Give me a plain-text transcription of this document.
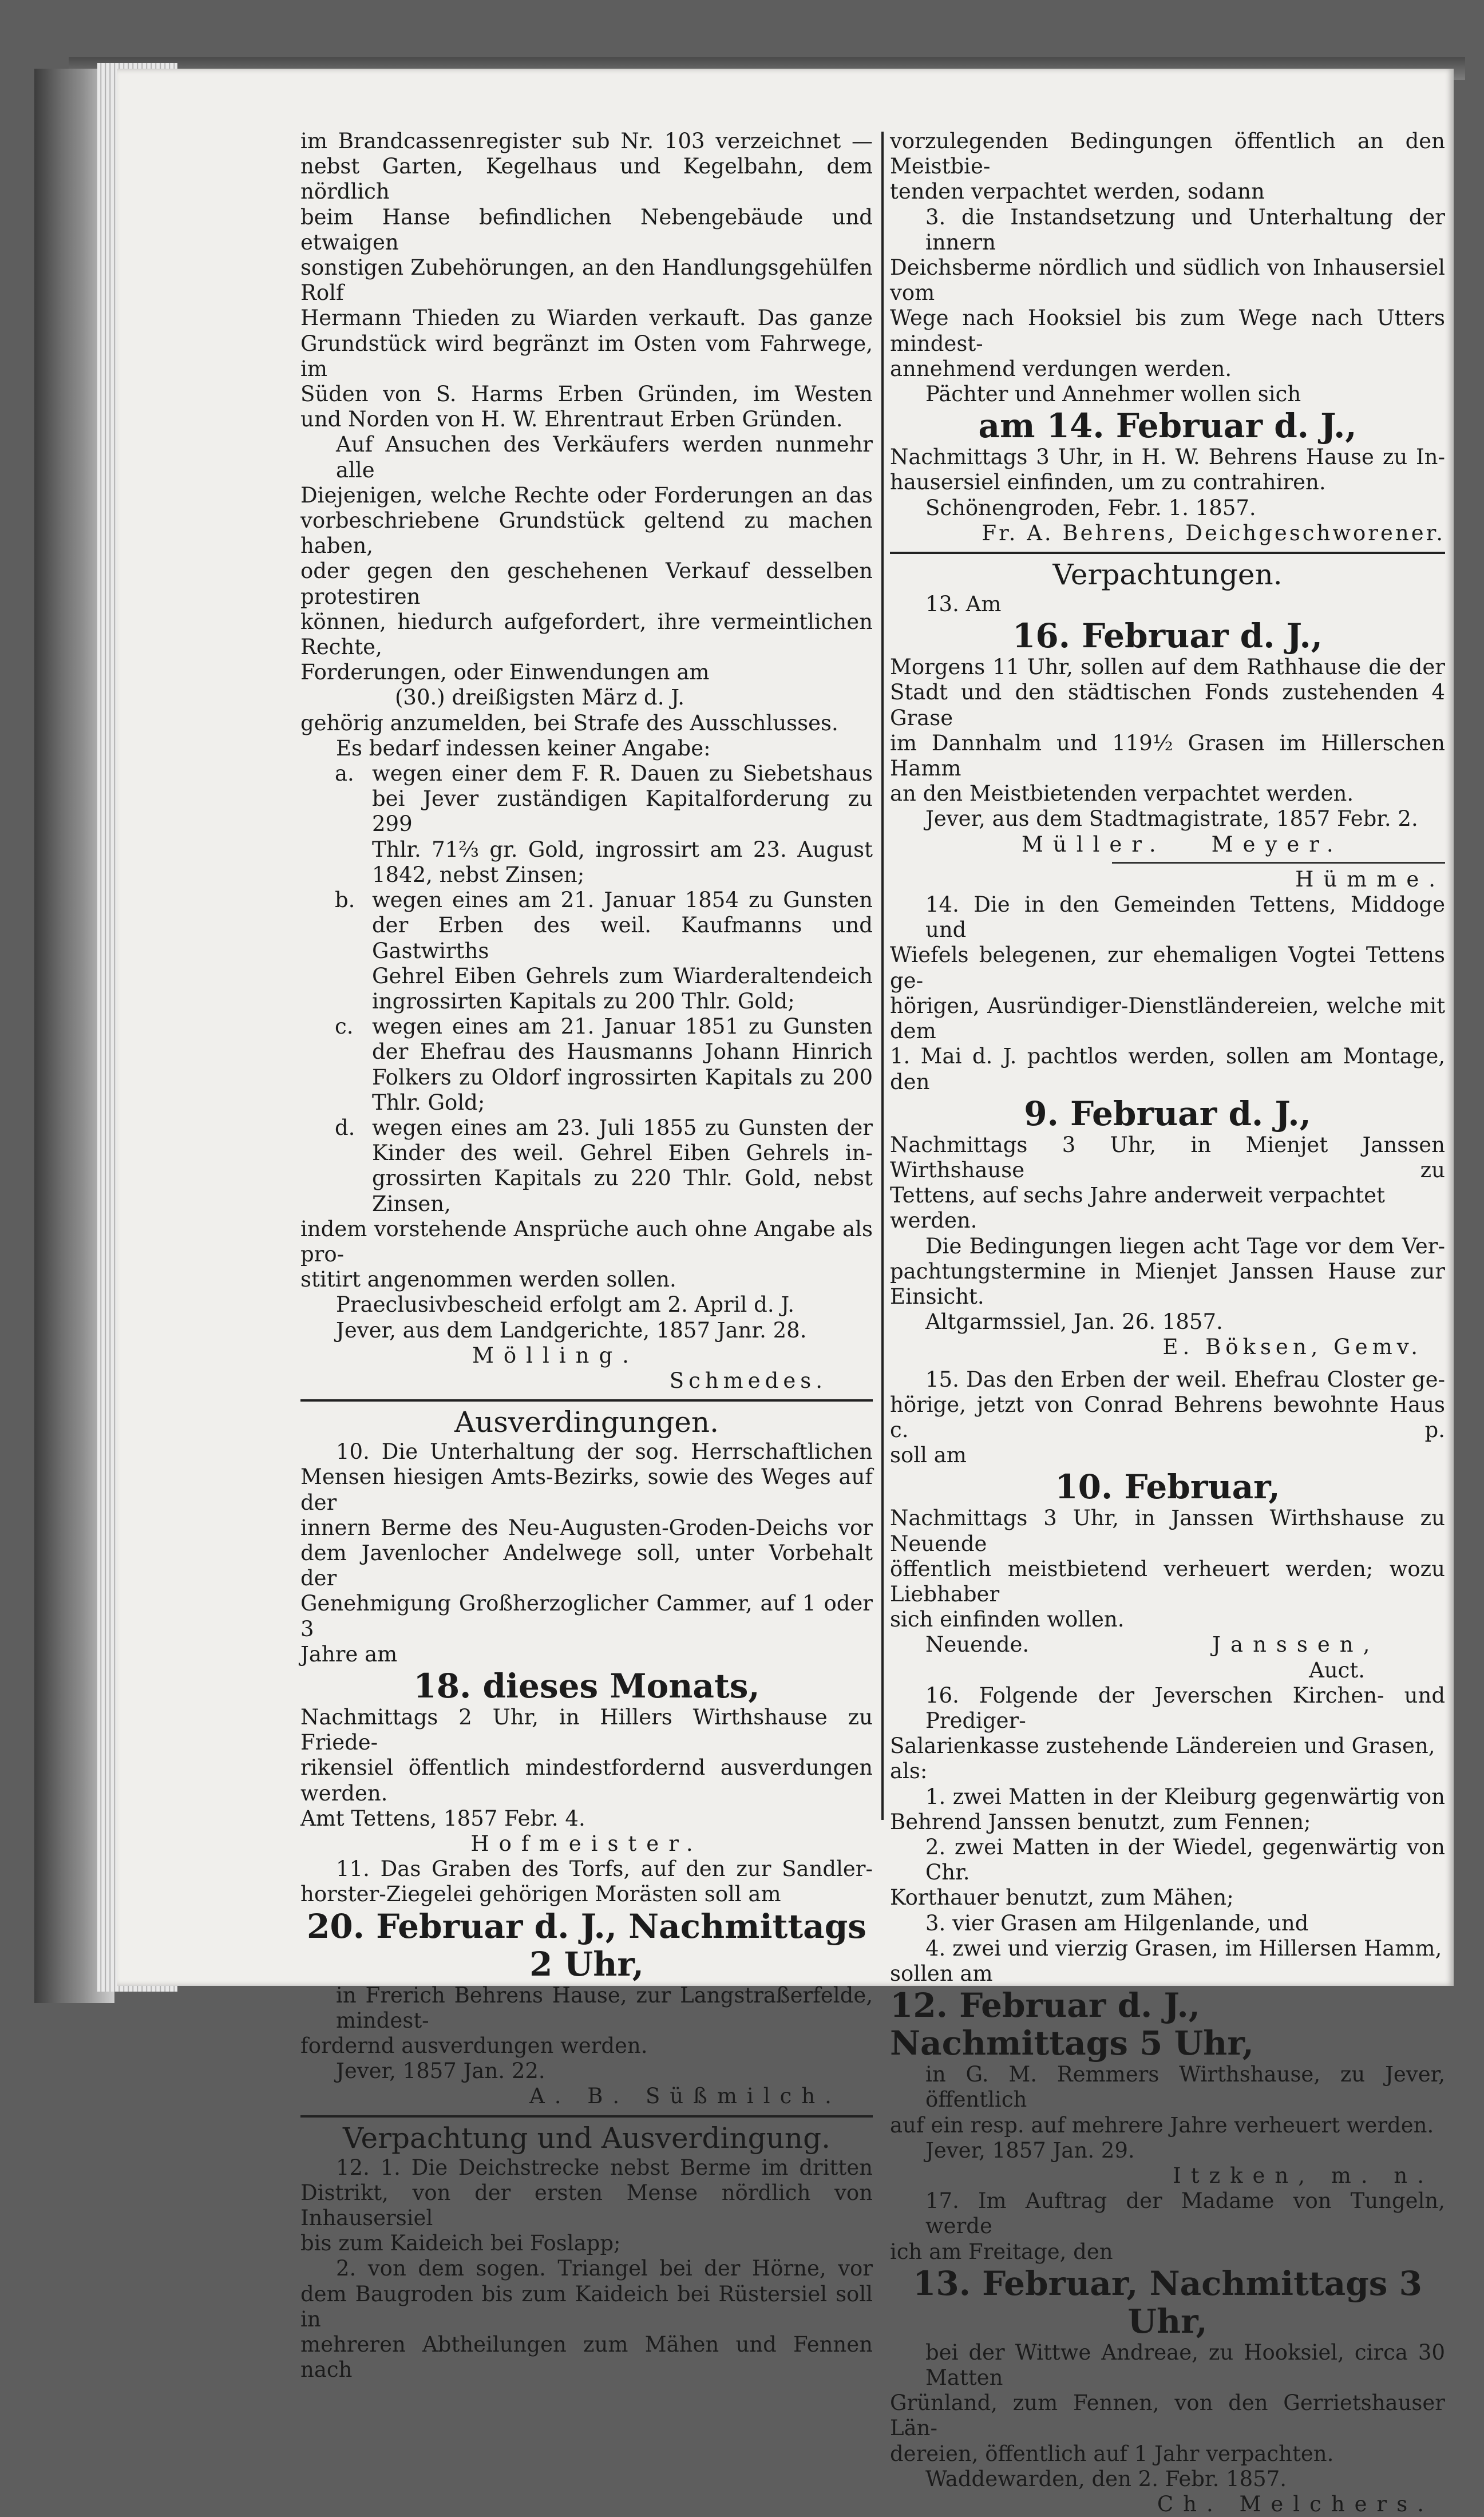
im Brandcassenregister sub Nr. 103 verzeichnet —

nebst Garten, Kegelhaus und Kegelbahn, dem nördlich

beim Hanse befindlichen Nebengebäude und etwaigen

sonstigen Zubehörungen, an den Handlungsgehülfen Rolf

Hermann Thieden zu Wiarden verkauft. Das ganze

Grundstück wird begränzt im Osten vom Fahrwege, im

Süden von S. Harms Erben Gründen, im Westen

und Norden von H. W. Ehrentraut Erben Gründen.

Auf Ansuchen des Verkäufers werden nunmehr alle

Diejenigen, welche Rechte oder Forderungen an das

vorbeschriebene Grundstück geltend zu machen haben,

oder gegen den geschehenen Verkauf desselben protestiren

können, hiedurch aufgefordert, ihre vermeintlichen Rechte,

Forderungen, oder Einwendungen am

(30.) dreißigsten März d. J.

gehörig anzumelden, bei Strafe des Ausschlusses.

Es bedarf indessen keiner Angabe:

a. wegen einer dem F. R. Dauen zu Siebetshaus

bei Jever zuständigen Kapitalforderung zu 299

Thlr. 71⅔ gr. Gold, ingrossirt am 23. August

1842, nebst Zinsen;

b. wegen eines am 21. Januar 1854 zu Gunsten

der Erben des weil. Kaufmanns und Gastwirths

Gehrel Eiben Gehrels zum Wiarderaltendeich

ingrossirten Kapitals zu 200 Thlr. Gold;

c. wegen eines am 21. Januar 1851 zu Gunsten

der Ehefrau des Hausmanns Johann Hinrich

Folkers zu Oldorf ingrossirten Kapitals zu 200

Thlr. Gold;

d. wegen eines am 23. Juli 1855 zu Gunsten der

Kinder des weil. Gehrel Eiben Gehrels in-

grossirten Kapitals zu 220 Thlr. Gold, nebst

Zinsen,

indem vorstehende Ansprüche auch ohne Angabe als pro-

stitirt angenommen werden sollen.

Praeclusivbescheid erfolgt am 2. April d. J.

Jever, aus dem Landgerichte, 1857 Janr. 28.

Mölling.

Schmedes.

Ausverdingungen.

10. Die Unterhaltung der sog. Herrschaftlichen

Mensen hiesigen Amts-Bezirks, sowie des Weges auf der

innern Berme des Neu-Augusten-Groden-Deichs vor

dem Javenlocher Andelwege soll, unter Vorbehalt der

Genehmigung Großherzoglicher Cammer, auf 1 oder 3

Jahre am

18. dieses Monats,

Nachmittags 2 Uhr, in Hillers Wirthshause zu Friede-

rikensiel öffentlich mindestfordernd ausverdungen werden.

Amt Tettens, 1857 Febr. 4.

Hofmeister.

11. Das Graben des Torfs, auf den zur Sandler-

horster-Ziegelei gehörigen Morästen soll am

20. Februar d. J., Nachmittags 2 Uhr,

in Frerich Behrens Hause, zur Langstraßerfelde, mindest-

fordernd ausverdungen werden.

Jever, 1857 Jan. 22.

A. B. Süßmilch.

Verpachtung und Ausverdingung.

12. 1. Die Deichstrecke nebst Berme im dritten

Distrikt, von der ersten Mense nördlich von Inhausersiel

bis zum Kaideich bei Foslapp;

2. von dem sogen. Triangel bei der Hörne, vor

dem Baugroden bis zum Kaideich bei Rüstersiel soll in

mehreren Abtheilungen zum Mähen und Fennen nach

vorzulegenden Bedingungen öffentlich an den Meistbie-

tenden verpachtet werden, sodann

3. die Instandsetzung und Unterhaltung der innern

Deichsberme nördlich und südlich von Inhausersiel vom

Wege nach Hooksiel bis zum Wege nach Utters mindest-

annehmend verdungen werden.

Pächter und Annehmer wollen sich

am 14. Februar d. J.,

Nachmittags 3 Uhr, in H. W. Behrens Hause zu In-

hausersiel einfinden, um zu contrahiren.

Schönengroden, Febr. 1. 1857.

Fr. A. Behrens, Deichgeschworener.

Verpachtungen.

13. Am

16. Februar d. J.,

Morgens 11 Uhr, sollen auf dem Rathhause die der

Stadt und den städtischen Fonds zustehenden 4 Grase

im Dannhalm und 119½ Grasen im Hillerschen Hamm

an den Meistbietenden verpachtet werden.

Jever, aus dem Stadtmagistrate, 1857 Febr. 2.

Müller. Meyer.

Hümme.

14. Die in den Gemeinden Tettens, Middoge und

Wiefels belegenen, zur ehemaligen Vogtei Tettens ge-

hörigen, Ausründiger-Dienstländereien, welche mit dem

1. Mai d. J. pachtlos werden, sollen am Montage, den

9. Februar d. J.,

Nachmittags 3 Uhr, in Mienjet Janssen Wirthshause zu

Tettens, auf sechs Jahre anderweit verpachtet werden.

Die Bedingungen liegen acht Tage vor dem Ver-

pachtungstermine in Mienjet Janssen Hause zur Einsicht.

Altgarmssiel, Jan. 26. 1857.

E. Böksen, Gemv.

15. Das den Erben der weil. Ehefrau Closter ge-

hörige, jetzt von Conrad Behrens bewohnte Haus c. p.

soll am

10. Februar,

Nachmittags 3 Uhr, in Janssen Wirthshause zu Neuende

öffentlich meistbietend verheuert werden; wozu Liebhaber

sich einfinden wollen.

Neuende.	Janssen,

Auct.

16. Folgende der Jeverschen Kirchen- und Prediger-

Salarienkasse zustehende Ländereien und Grasen, als:

1. zwei Matten in der Kleiburg gegenwärtig von

Behrend Janssen benutzt, zum Fennen;

2. zwei Matten in der Wiedel, gegenwärtig von Chr.

Korthauer benutzt, zum Mähen;

3. vier Grasen am Hilgenlande, und

4. zwei und vierzig Grasen, im Hillersen Hamm,

sollen am

12. Februar d. J., Nachmittags 5 Uhr,

in G. M. Remmers Wirthshause, zu Jever, öffentlich

auf ein resp. auf mehrere Jahre verheuert werden.

Jever, 1857 Jan. 29.

Itzken, m. n.

17. Im Auftrag der Madame von Tungeln, werde

ich am Freitage, den

13. Februar, Nachmittags 3 Uhr,

bei der Wittwe Andreae, zu Hooksiel, circa 30 Matten

Grünland, zum Fennen, von den Gerrietshauser Län-

dereien, öffentlich auf 1 Jahr verpachten.

Waddewarden, den 2. Febr. 1857.

Ch. Melchers.
